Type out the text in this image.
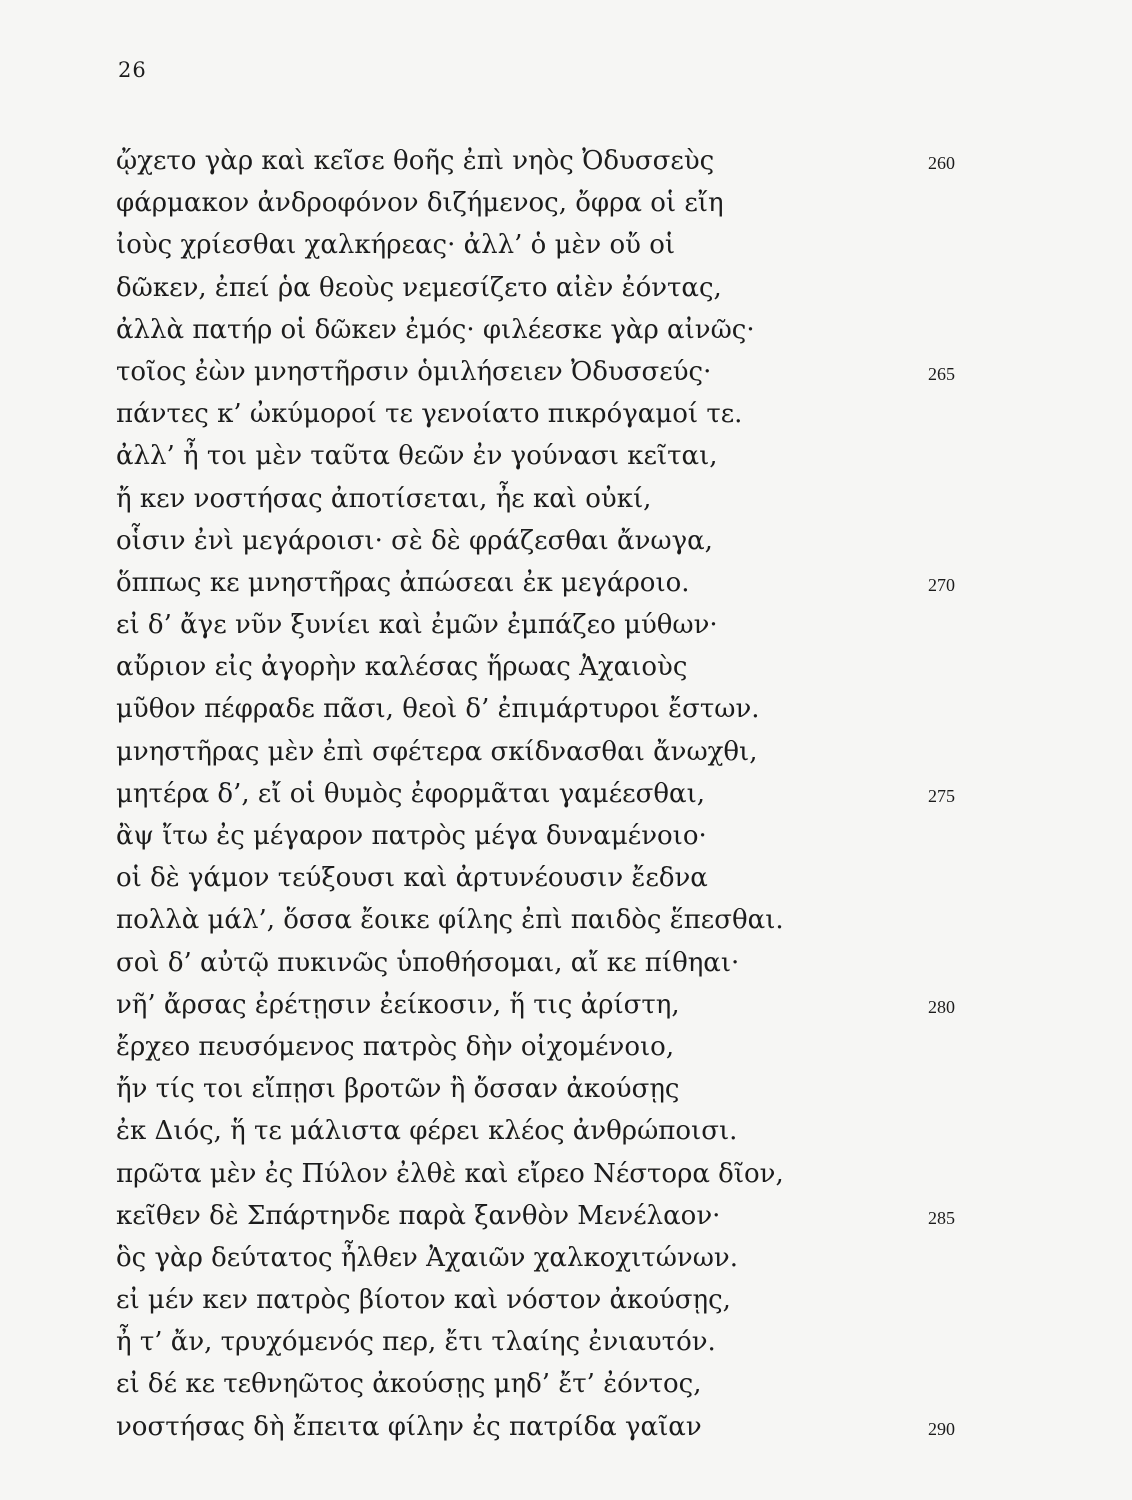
26
ᾤχετο γὰρ καὶ κεῖσε θοῆς ἐπὶ νηὸς Ὀδυσσεὺς	260
φάρμακον ἀνδροφόνον διζήμενος, ὄφρα οἱ εἴη
ἰοὺς χρίεσθαι χαλκήρεας· ἀλλ’ ὁ μὲν οὔ οἱ
δῶκεν, ἐπεί ῥα θεοὺς νεμεσίζετο αἰὲν ἐόντας,
ἀλλὰ πατήρ οἱ δῶκεν ἐμός· φιλέεσκε γὰρ αἰνῶς·
τοῖος ἐὼν μνηστῆρσιν ὁμιλήσειεν Ὀδυσσεύς·	265
πάντες κ’ ὠκύμοροί τε γενοίατο πικρόγαμοί τε.
ἀλλ’ ἦ τοι μὲν ταῦτα θεῶν ἐν γούνασι κεῖται,
ἤ κεν νοστήσας ἀποτίσεται, ἦε καὶ οὐκί,
οἷσιν ἐνὶ μεγάροισι· σὲ δὲ φράζεσθαι ἄνωγα,
ὅππως κε μνηστῆρας ἀπώσεαι ἐκ μεγάροιο.	270
εἰ δ’ ἄγε νῦν ξυνίει καὶ ἐμῶν ἐμπάζεο μύθων·
αὔριον εἰς ἀγορὴν καλέσας ἥρωας Ἀχαιοὺς
μῦθον πέφραδε πᾶσι, θεοὶ δ’ ἐπιμάρτυροι ἔστων.
μνηστῆρας μὲν ἐπὶ σφέτερα σκίδνασθαι ἄνωχθι,
μητέρα δ’, εἴ οἱ θυμὸς ἐφορμᾶται γαμέεσθαι,	275
ἂψ ἴτω ἐς μέγαρον πατρὸς μέγα δυναμένοιο·
οἱ δὲ γάμον τεύξουσι καὶ ἀρτυνέουσιν ἔεδνα
πολλὰ μάλ’, ὅσσα ἔοικε φίλης ἐπὶ παιδὸς ἕπεσθαι.
σοὶ δ’ αὐτῷ πυκινῶς ὑποθήσομαι, αἴ κε πίθηαι·
νῆ’ ἄρσας ἐρέτῃσιν ἐείκοσιν, ἥ τις ἀρίστη,	280
ἔρχεο πευσόμενος πατρὸς δὴν οἰχομένοιο,
ἤν τίς τοι εἴπῃσι βροτῶν ἢ ὄσσαν ἀκούσῃς
ἐκ Διός, ἥ τε μάλιστα φέρει κλέος ἀνθρώποισι.
πρῶτα μὲν ἐς Πύλον ἐλθὲ καὶ εἴρεο Νέστορα δῖον,
κεῖθεν δὲ Σπάρτηνδε παρὰ ξανθὸν Μενέλαον·	285
ὃς γὰρ δεύτατος ἦλθεν Ἀχαιῶν χαλκοχιτώνων.
εἰ μέν κεν πατρὸς βίοτον καὶ νόστον ἀκούσῃς,
ἦ τ’ ἄν, τρυχόμενός περ, ἔτι τλαίης ἐνιαυτόν.
εἰ δέ κε τεθνηῶτος ἀκούσῃς μηδ’ ἔτ’ ἐόντος,
νοστήσας δὴ ἔπειτα φίλην ἐς πατρίδα γαῖαν	290
